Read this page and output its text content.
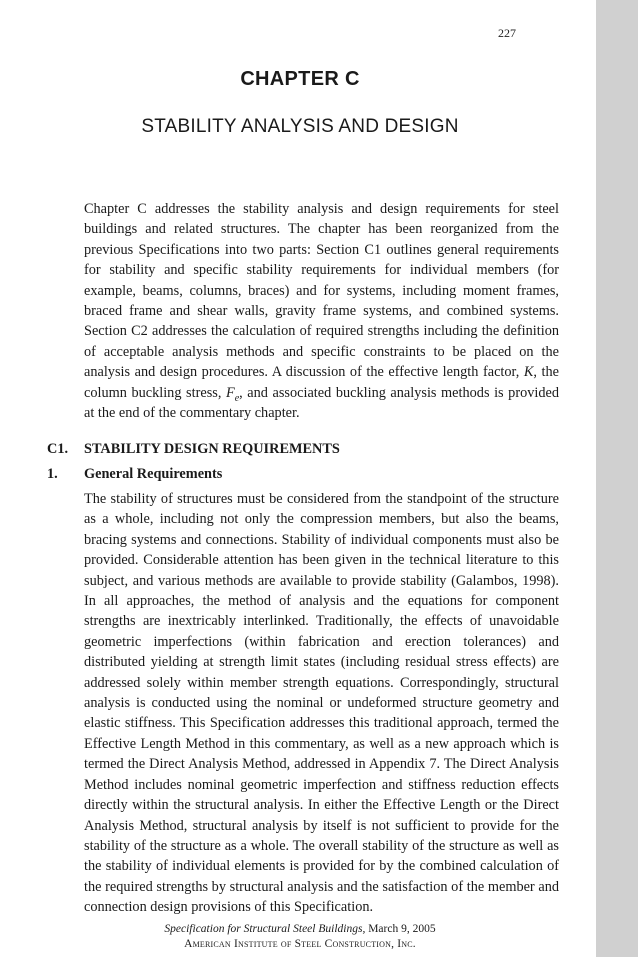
227
CHAPTER C
STABILITY ANALYSIS AND DESIGN

Chapter C addresses the stability analysis and design requirements for steel buildings and related structures. The chapter has been reorganized from the previous Specifications into two parts: Section C1 outlines general requirements for stability and specific stability requirements for individual members (for example, beams, columns, braces) and for systems, including moment frames, braced frame and shear walls, gravity frame systems, and combined systems. Section C2 addresses the calculation of required strengths including the definition of acceptable analysis methods and specific constraints to be placed on the analysis and design procedures. A discussion of the effective length factor, K, the column buckling stress, $F_e$, and associated buckling analysis methods is provided at the end of the commentary chapter.

C1. STABILITY DESIGN REQUIREMENTS
1. General Requirements

The stability of structures must be considered from the standpoint of the structure as a whole, including not only the compression members, but also the beams, bracing systems and connections. Stability of individual components must also be provided. Considerable attention has been given in the technical literature to this subject, and various methods are available to provide stability (Galambos, 1998). In all approaches, the method of analysis and the equations for component strengths are inextricably interlinked. Traditionally, the effects of unavoidable geometric imperfections (within fabrication and erection tolerances) and distributed yielding at strength limit states (including residual stress effects) are addressed solely within member strength equations. Correspondingly, structural analysis is conducted using the nominal or undeformed structure geometry and elastic stiffness. This Specification addresses this traditional approach, termed the Effective Length Method in this commentary, as well as a new approach which is termed the Direct Analysis Method, addressed in Appendix 7. The Direct Analysis Method includes nominal geometric imperfection and stiffness reduction effects directly within the structural analysis. In either the Effective Length or the Direct Analysis Method, structural analysis by itself is not sufficient to provide for the stability of the structure as a whole. The overall stability of the structure as well as the stability of individual elements is provided for by the combined calculation of the required strengths by structural analysis and the satisfaction of the member and connection design provisions of this Specification.

Specification for Structural Steel Buildings, March 9, 2005
American Institute of Steel Construction, Inc.
